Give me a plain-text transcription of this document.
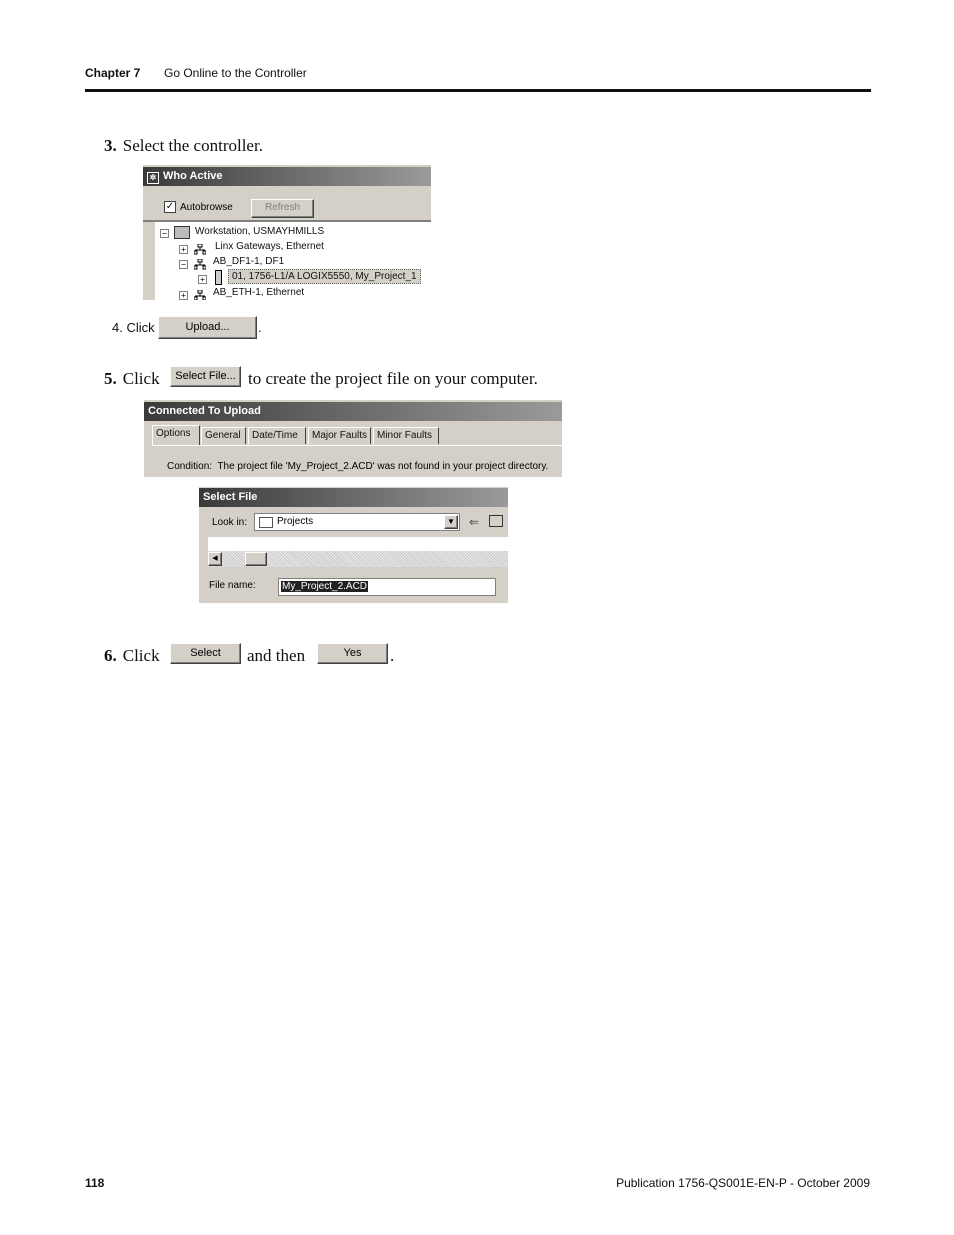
Chapter 7 Go Online to the Controller
3. Select the controller.
✲ Who Active
✓ Autobrowse	Refresh
−	Workstation, USMAYHMILLS
+	Linx Gateways, Ethernet
−	AB_DF1-1, DF1
+	01, 1756-L1/A LOGIX5550, My_Project_1
+	AB_ETH-1, Ethernet
4. Click	Upload...	.
5. Click	Select File... to create the project file on your computer.
Connected To Upload
Options	General	Date/Time	Major Faults Minor Faults
Condition:  The project file 'My_Project_2.ACD' was not found in your project directory.
Select File
Look in:	Projects	▼ ⇐
◀
File name:	My_Project_2.ACD
6. Click	Select	and then	Yes	.
118	Publication 1756-QS001E-EN-P - October 2009
